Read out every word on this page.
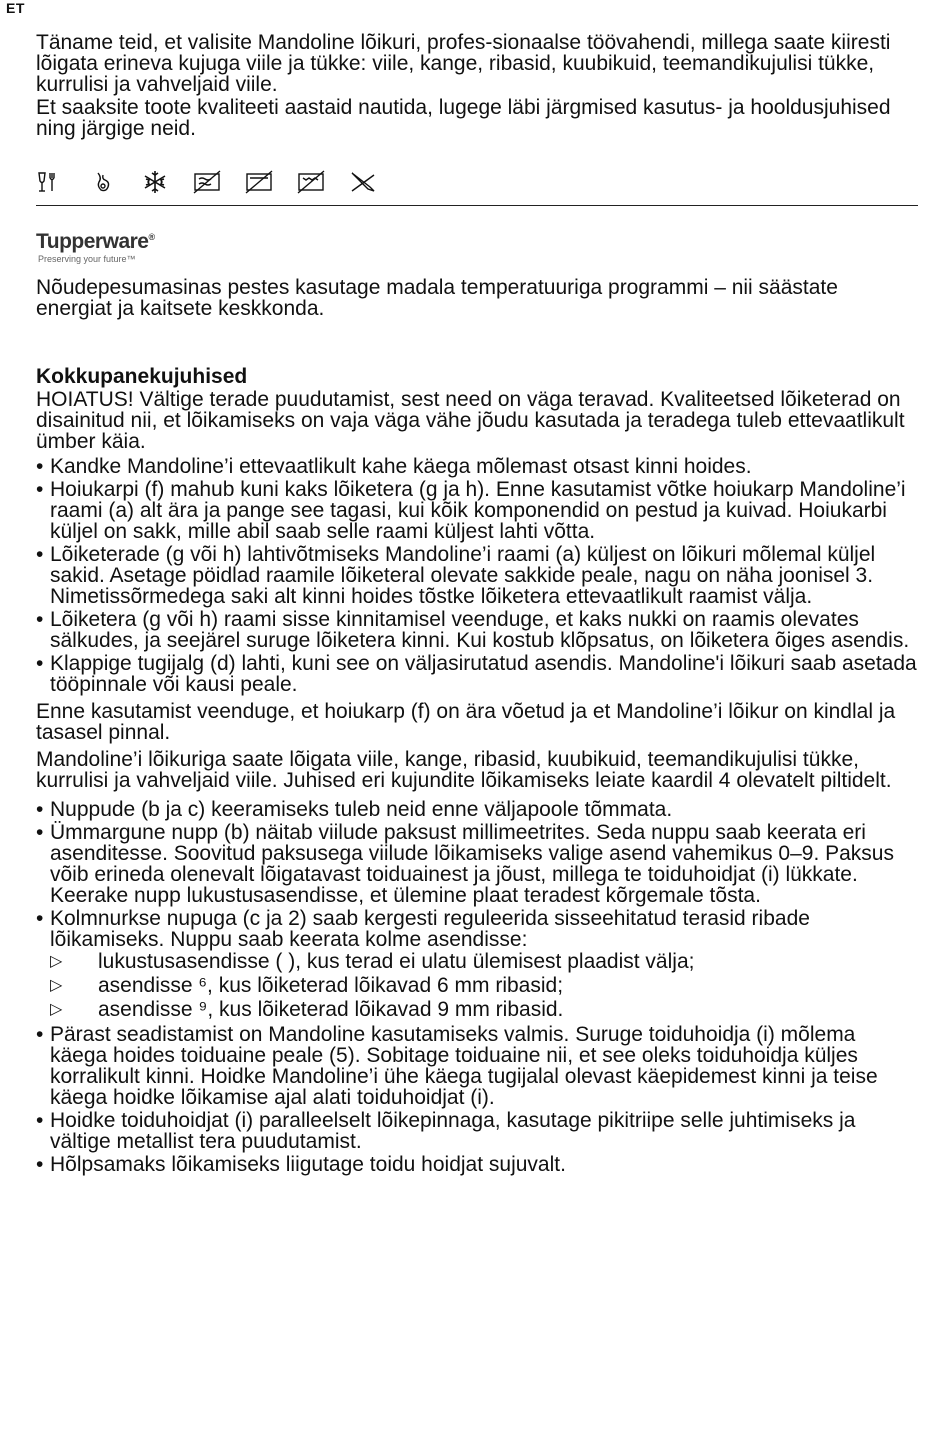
ET

Täname teid, et valisite Mandoline lõikuri, profes-sionaalse töövahendi, millega saate kiiresti lõigata erineva kujuga viile ja tükke: viile, kange, ribasid, kuubikuid, teemandikujulisi tükke, kurrulisi ja vahveljaid viile.

Et saaksite toote kvaliteeti aastaid nautida, lugege läbi järgmised kasutus- ja hooldusjuhised ning järgige neid.

Tupperware®
Preserving your future™

Nõudepesumasinas pestes kasutage madala temperatuuriga programmi – nii säästate energiat ja kaitsete keskkonda.

Kokkupanekujuhised

HOIATUS! Vältige terade puudutamist, sest need on väga teravad. Kvaliteetsed lõiketerad on disainitud nii, et lõikamiseks on vaja väga vähe jõudu kasutada ja teradega tuleb ettevaatlikult ümber käia.

• Kandke Mandoline’i ettevaatlikult kahe käega mõlemast otsast kinni hoides.
• Hoiukarpi (f) mahub kuni kaks lõiketera (g ja h). Enne kasutamist võtke hoiukarp Mandoline’i raami (a) alt ära ja pange see tagasi, kui kõik komponendid on pestud ja kuivad. Hoiukarbi küljel on sakk, mille abil saab selle raami küljest lahti võtta.
• Lõiketerade (g või h) lahtivõtmiseks Mandoline’i raami (a) küljest on lõikuri mõlemal küljel sakid. Asetage pöidlad raamile lõiketeral olevate sakkide peale, nagu on näha joonisel 3. Nimetissõrmedega saki alt kinni hoides tõstke lõiketera ettevaatlikult raamist välja.
• Lõiketera (g või h) raami sisse kinnitamisel veenduge, et kaks nukki on raamis olevates sälkudes, ja seejärel suruge lõiketera kinni. Kui kostub klõpsatus, on lõiketera õiges asendis.
• Klappige tugijalg (d) lahti, kuni see on väljasirutatud asendis. Mandoline'i lõikuri saab asetada tööpinnale või kausi peale.

Enne kasutamist veenduge, et hoiukarp (f) on ära võetud ja et Mandoline’i lõikur on kindlal ja tasasel pinnal.

Mandoline’i lõikuriga saate lõigata viile, kange, ribasid, kuubikuid, teemandikujulisi tükke, kurrulisi ja vahveljaid viile. Juhised eri kujundite lõikamiseks leiate kaardil 4 olevatelt piltidelt.

• Nuppude (b ja c) keeramiseks tuleb neid enne väljapoole tõmmata.
• Ümmargune nupp (b) näitab viilude paksust millimeetrites. Seda nuppu saab keerata eri asenditesse. Soovitud paksusega viilude lõikamiseks valige asend vahemikus 0–9. Paksus võib erineda olenevalt lõigatavast toiduainest ja jõust, millega te toiduhoidjat (i) lükkate. Keerake nupp lukustusasendisse, et ülemine plaat teradest kõrgemale tõsta.
• Kolmnurkse nupuga (c ja 2) saab kergesti reguleerida sisseehitatud terasid ribade lõikamiseks. Nuppu saab keerata kolme asendisse:
▷ lukustusasendisse ( ), kus terad ei ulatu ülemisest plaadist välja;
▷ asendisse ⁶, kus lõiketerad lõikavad 6 mm ribasid;
▷ asendisse ⁹, kus lõiketerad lõikavad 9 mm ribasid.
• Pärast seadistamist on Mandoline kasutamiseks valmis. Suruge toiduhoidja (i) mõlema käega hoides toiduaine peale (5). Sobitage toiduaine nii, et see oleks toiduhoidja küljes korralikult kinni. Hoidke Mandoline’i ühe käega tugijalal olevast käepidemest kinni ja teise käega hoidke lõikamise ajal alati toiduhoidjat (i).
• Hoidke toiduhoidjat (i) paralleelselt lõikepinnaga, kasutage pikitriipe selle juhtimiseks ja vältige metallist tera puudutamist.
• Hõlpsamaks lõikamiseks liigutage toidu hoidjat sujuvalt.
